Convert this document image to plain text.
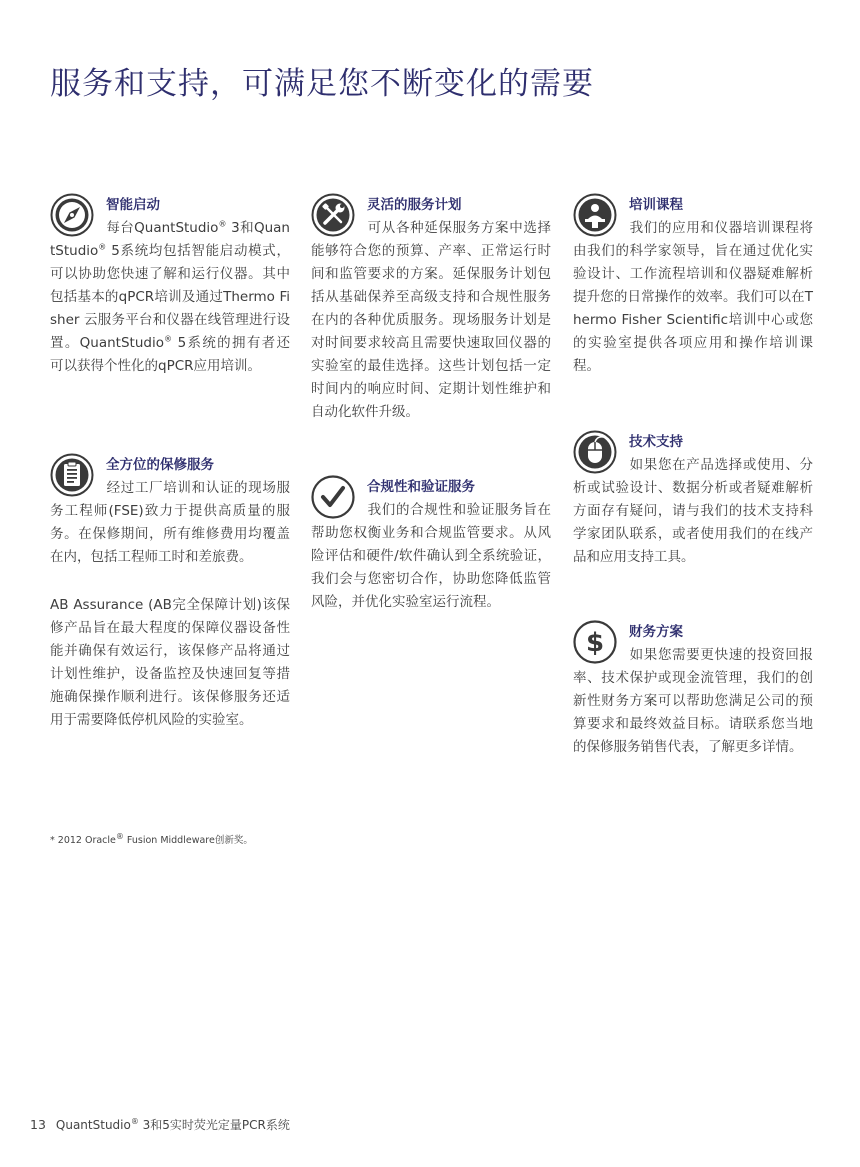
服务和支持，可满足您不断变化的需要
智能启动

每台QuantStudio® 3和QuantStudio® 5系统均包括智能启动模式，可以协助您快速了解和运行仪器。其中包括基本的qPCR培训及通过Thermo Fisher 云服务平台和仪器在线管理进行设置。QuantStudio® 5系统的拥有者还可以获得个性化的qPCR应用培训。

全方位的保修服务

经过工厂培训和认证的现场服务工程师(FSE)致力于提供高质量的服务。在保修期间，所有维修费用均覆盖在内，包括工程师工时和差旅费。

AB Assurance (AB完全保障计划)该保修产品旨在最大程度的保障仪器设备性能并确保有效运行，该保修产品将通过计划性维护，设备监控及快速回复等措施确保操作顺利进行。该保修服务还适用于需要降低停机风险的实验室。

灵活的服务计划

可从各种延保服务方案中选择能够符合您的预算、产率、正常运行时间和监管要求的方案。延保服务计划包括从基础保养至高级支持和合规性服务在内的各种优质服务。现场服务计划是对时间要求较高且需要快速取回仪器的实验室的最佳选择。这些计划包括一定时间内的响应时间、定期计划性维护和自动化软件升级。

合规性和验证服务

我们的合规性和验证服务旨在帮助您权衡业务和合规监管要求。从风险评估和硬件/软件确认到全系统验证，我们会与您密切合作，协助您降低监管风险，并优化实验室运行流程。

培训课程

我们的应用和仪器培训课程将由我们的科学家领导，旨在通过优化实验设计、工作流程培训和仪器疑难解析提升您的日常操作的效率。我们可以在Thermo Fisher Scientific培训中心或您的实验室提供各项应用和操作培训课程。

技术支持

如果您在产品选择或使用、分析或试验设计、数据分析或者疑难解析方面存有疑问，请与我们的技术支持科学家团队联系，或者使用我们的在线产品和应用支持工具。

$ 财务方案

如果您需要更快速的投资回报率、技术保护或现金流管理，我们的创新性财务方案可以帮助您满足公司的预算要求和最终效益目标。请联系您当地的保修服务销售代表，了解更多详情。

* 2012 Oracle® Fusion Middleware创新奖。

13 QuantStudio® 3和5实时荧光定量PCR系统
